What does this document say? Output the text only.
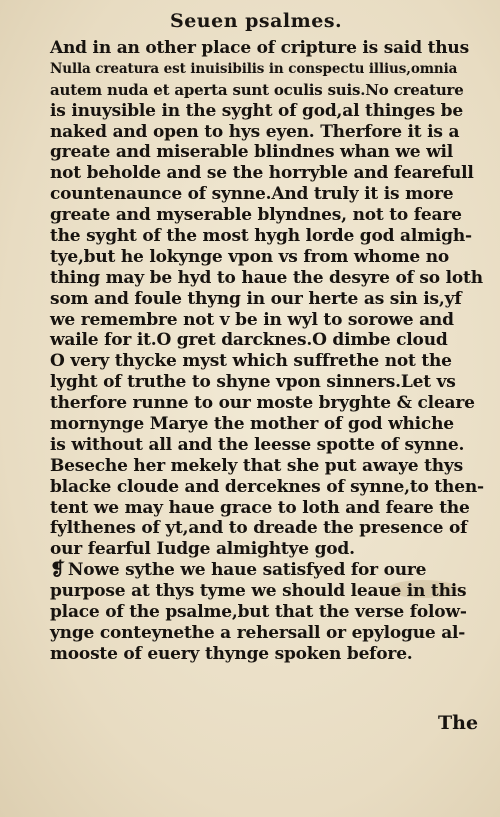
Seuen psalmes.
And in an other place of cripture is said thus
Nulla creatura est inuisibilis in conspectu illius,omnia
autem nuda et aperta sunt oculis suis.No creature
is inuysible in the syght of god,al thinges be
naked and open to hys eyen. Therfore it is a
greate and miserable blindnes whan we wil
not beholde and se the horryble and fearefull
countenaunce of synne.And truly it is more
greate and myserable blyndnes, not to feare
the syght of the most hygh lorde god almigh-
tye,but he lokynge vpon vs from whome no
thing may be hyd to haue the desyre of so loth
som and foule thyng in our herte as sin is,yf
we remembre not v be in wyl to sorowe and
waile for it.O gret darcknes.O dimbe cloud
O very thycke myst which suffrethe not the
lyght of truthe to shyne vpon sinners.Let vs
therfore runne to our moste bryghte & cleare
mornynge Marye the mother of god whiche
is without all and the leesse spotte of synne.
Beseche her mekely that she put awaye thys
blacke cloude and derceknes of synne,to then-
tent we may haue grace to loth and feare the
fylthenes of yt,and to dreade the presence of
our fearful Iudge almightye god.
❡ Nowe sythe we haue satisfyed for oure
purpose at thys tyme we should leaue in this
place of the psalme,but that the verse folow-
ynge conteynethe a rehersall or epylogue al-
mooste of euery thynge spoken before.
The
